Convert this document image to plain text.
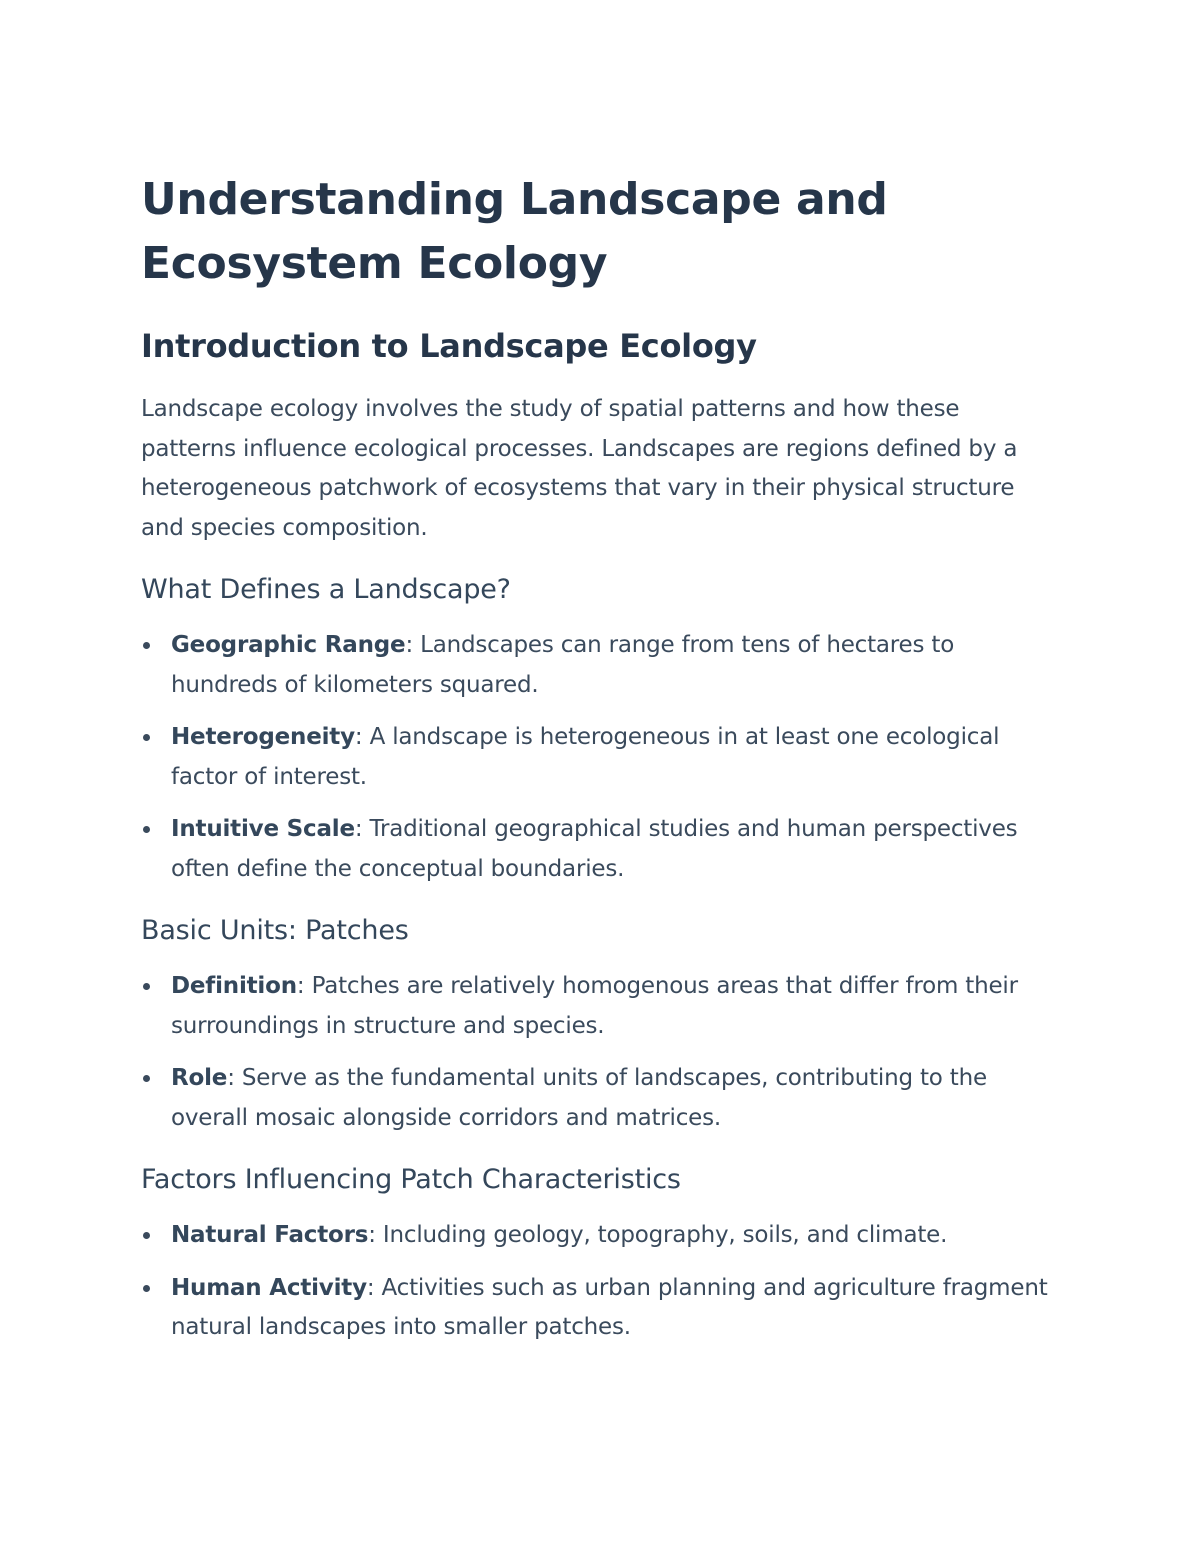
Understanding Landscape and Ecosystem Ecology
Introduction to Landscape Ecology

Landscape ecology involves the study of spatial patterns and how these patterns influence ecological processes. Landscapes are regions defined by a heterogeneous patchwork of ecosystems that vary in their physical structure and species composition.

What Defines a Landscape?
Geographic Range: Landscapes can range from tens of hectares to hundreds of kilometers squared.
Heterogeneity: A landscape is heterogeneous in at least one ecological factor of interest.
Intuitive Scale: Traditional geographical studies and human perspectives often define the conceptual boundaries.
Basic Units: Patches
Definition: Patches are relatively homogenous areas that differ from their surroundings in structure and species.
Role: Serve as the fundamental units of landscapes, contributing to the overall mosaic alongside corridors and matrices.
Factors Influencing Patch Characteristics
Natural Factors: Including geology, topography, soils, and climate.
Human Activity: Activities such as urban planning and agriculture fragment natural landscapes into smaller patches.
